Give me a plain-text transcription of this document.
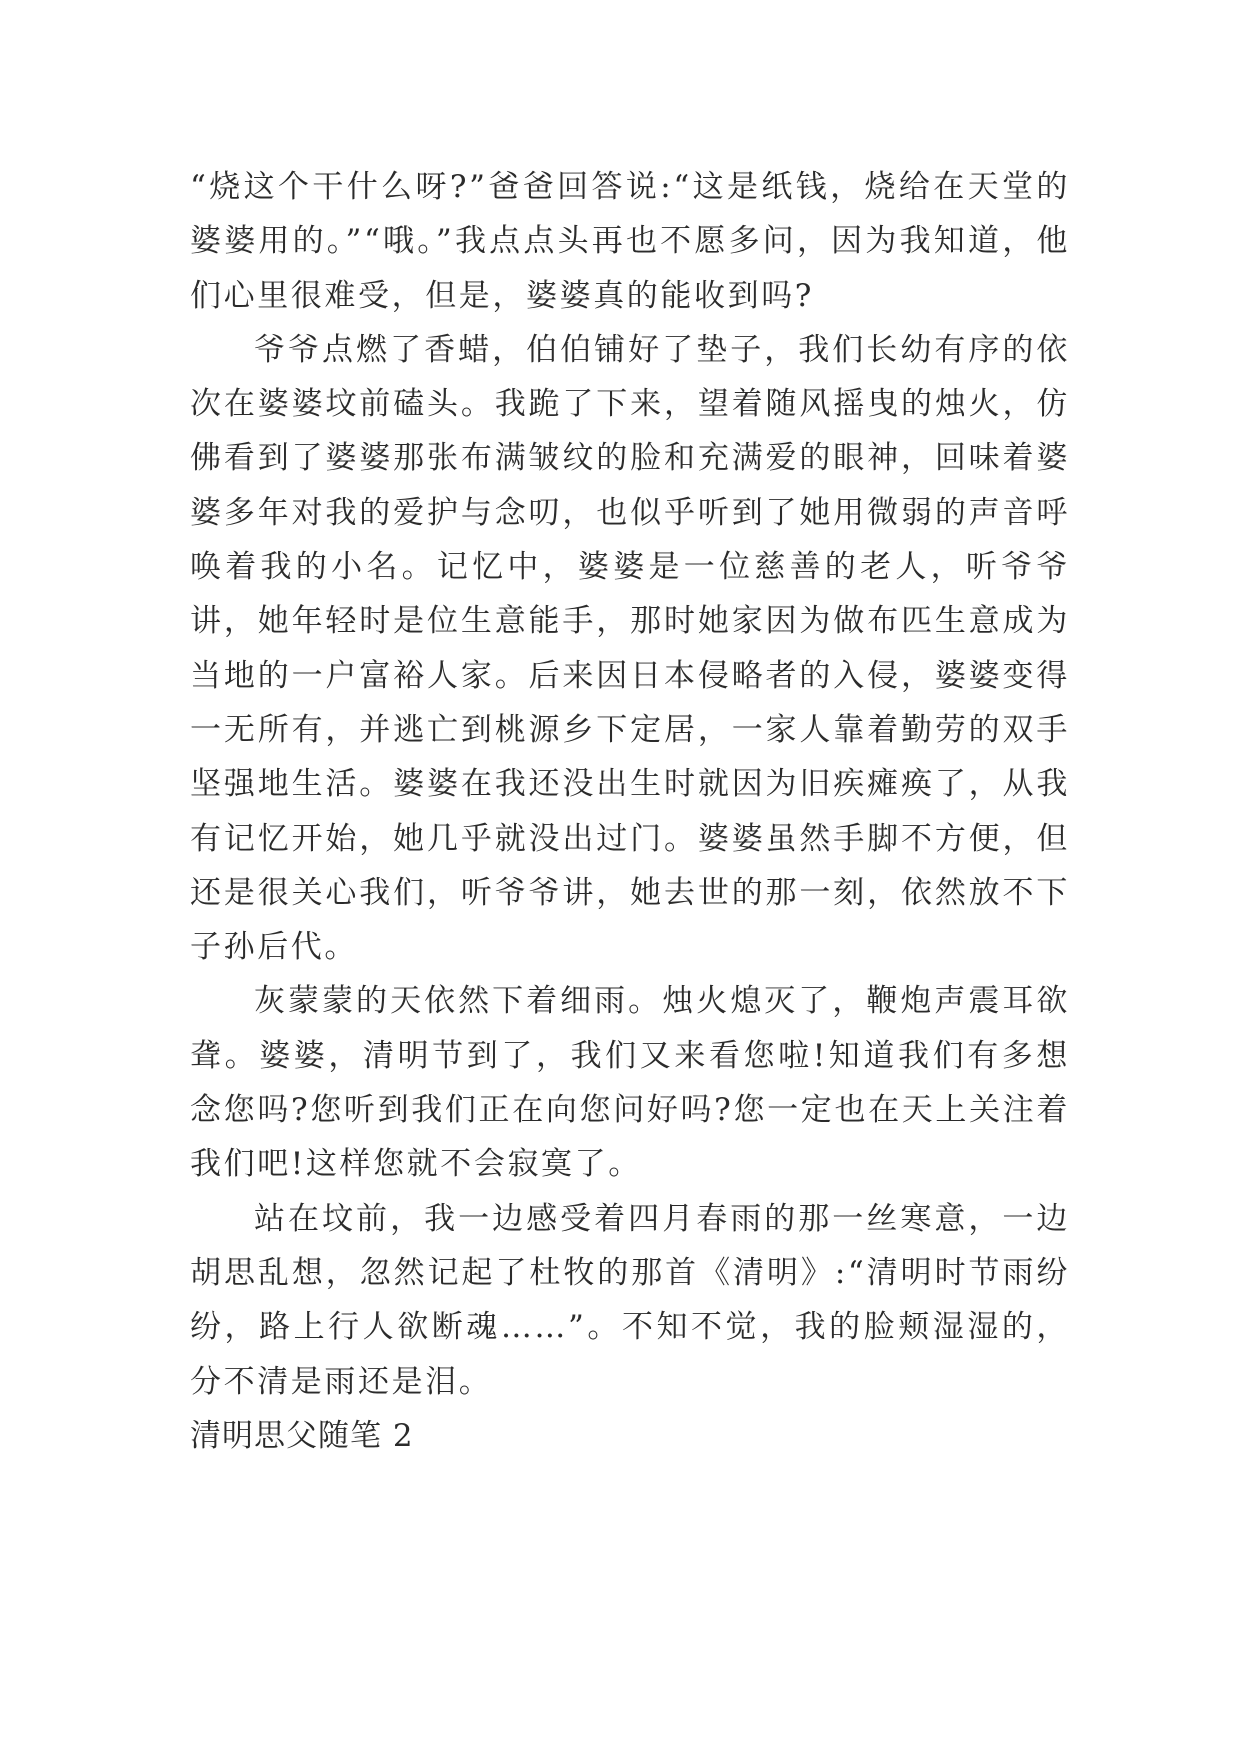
“烧这个干什么呀?”爸爸回答说:“这是纸钱，烧给在天堂的婆婆用的。”“哦。”我点点头再也不愿多问，因为我知道，他们心里很难受，但是，婆婆真的能收到吗?

爷爷点燃了香蜡，伯伯铺好了垫子，我们长幼有序的依次在婆婆坟前磕头。我跪了下来，望着随风摇曳的烛火，仿佛看到了婆婆那张布满皱纹的脸和充满爱的眼神，回味着婆婆多年对我的爱护与念叨，也似乎听到了她用微弱的声音呼唤着我的小名。记忆中，婆婆是一位慈善的老人，听爷爷讲，她年轻时是位生意能手，那时她家因为做布匹生意成为当地的一户富裕人家。后来因日本侵略者的入侵，婆婆变得一无所有，并逃亡到桃源乡下定居，一家人靠着勤劳的双手坚强地生活。婆婆在我还没出生时就因为旧疾瘫痪了，从我有记忆开始，她几乎就没出过门。婆婆虽然手脚不方便，但还是很关心我们，听爷爷讲，她去世的那一刻，依然放不下子孙后代。

灰蒙蒙的天依然下着细雨。烛火熄灭了，鞭炮声震耳欲聋。婆婆，清明节到了，我们又来看您啦!知道我们有多想念您吗?您听到我们正在向您问好吗?您一定也在天上关注着我们吧!这样您就不会寂寞了。

站在坟前，我一边感受着四月春雨的那一丝寒意，一边胡思乱想，忽然记起了杜牧的那首《清明》:“清明时节雨纷纷，路上行人欲断魂……”。不知不觉，我的脸颊湿湿的，分不清是雨还是泪。

清明思父随笔 2
